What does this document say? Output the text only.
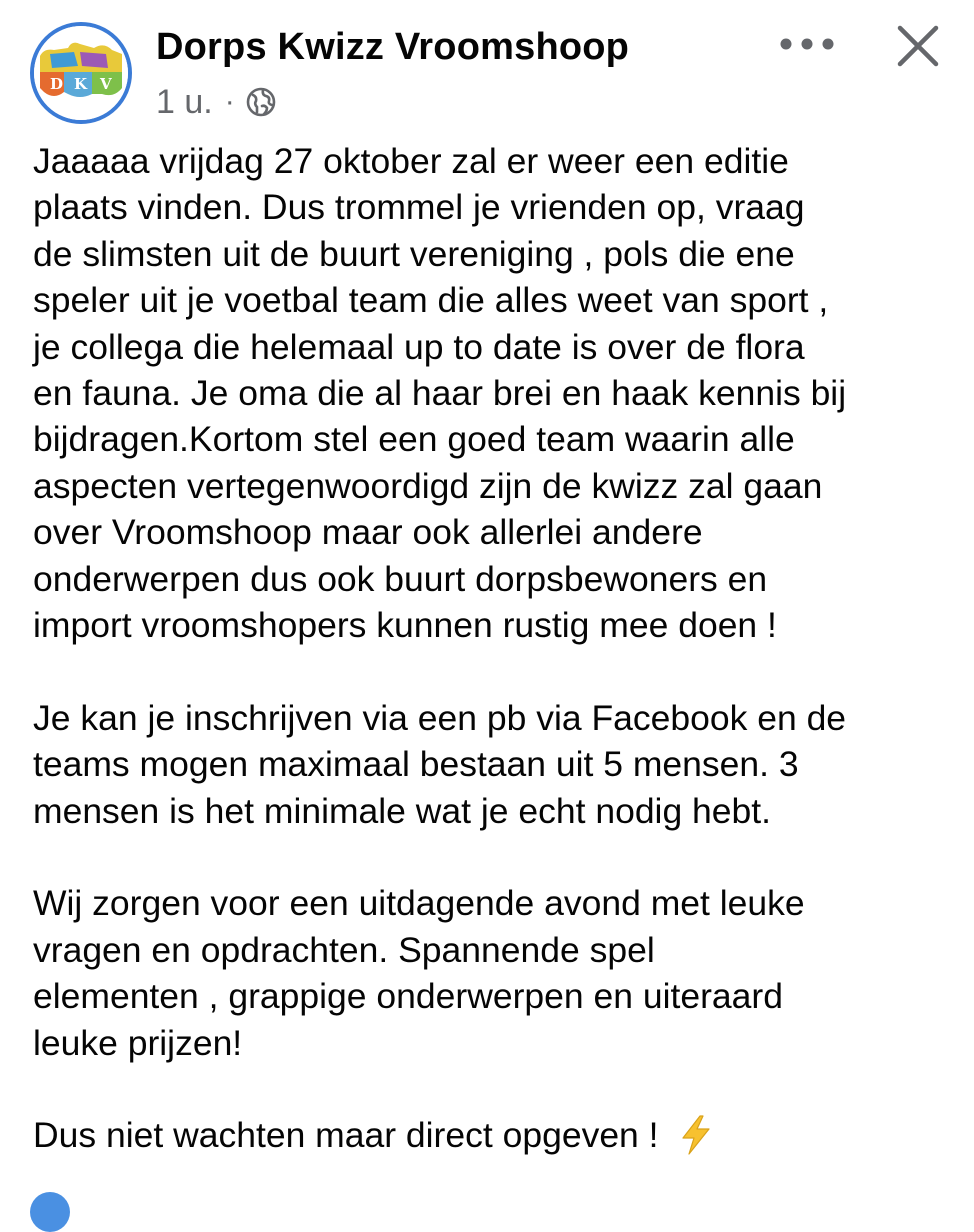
D K V
Dorps Kwizz Vroomshoop
1 u. ·

Jaaaaa vrijdag 27 oktober zal er weer een editie
plaats vinden. Dus trommel je vrienden op, vraag
de slimsten uit de buurt vereniging , pols die ene
speler uit je voetbal team die alles weet van sport ,
je collega die helemaal up to date is over de flora
en fauna. Je oma die al haar brei en haak kennis bij
bijdragen.Kortom stel een goed team waarin alle
aspecten vertegenwoordigd zijn de kwizz zal gaan
over Vroomshoop maar ook allerlei andere
onderwerpen dus ook buurt dorpsbewoners en
import vroomshopers kunnen rustig mee doen !

Je kan je inschrijven via een pb via Facebook en de
teams mogen maximaal bestaan uit 5 mensen. 3
mensen is het minimale wat je echt nodig hebt.

Wij zorgen voor een uitdagende avond met leuke
vragen en opdrachten. Spannende spel
elementen , grappige onderwerpen en uiteraard
leuke prijzen!

Dus niet wachten maar direct opgeven !
